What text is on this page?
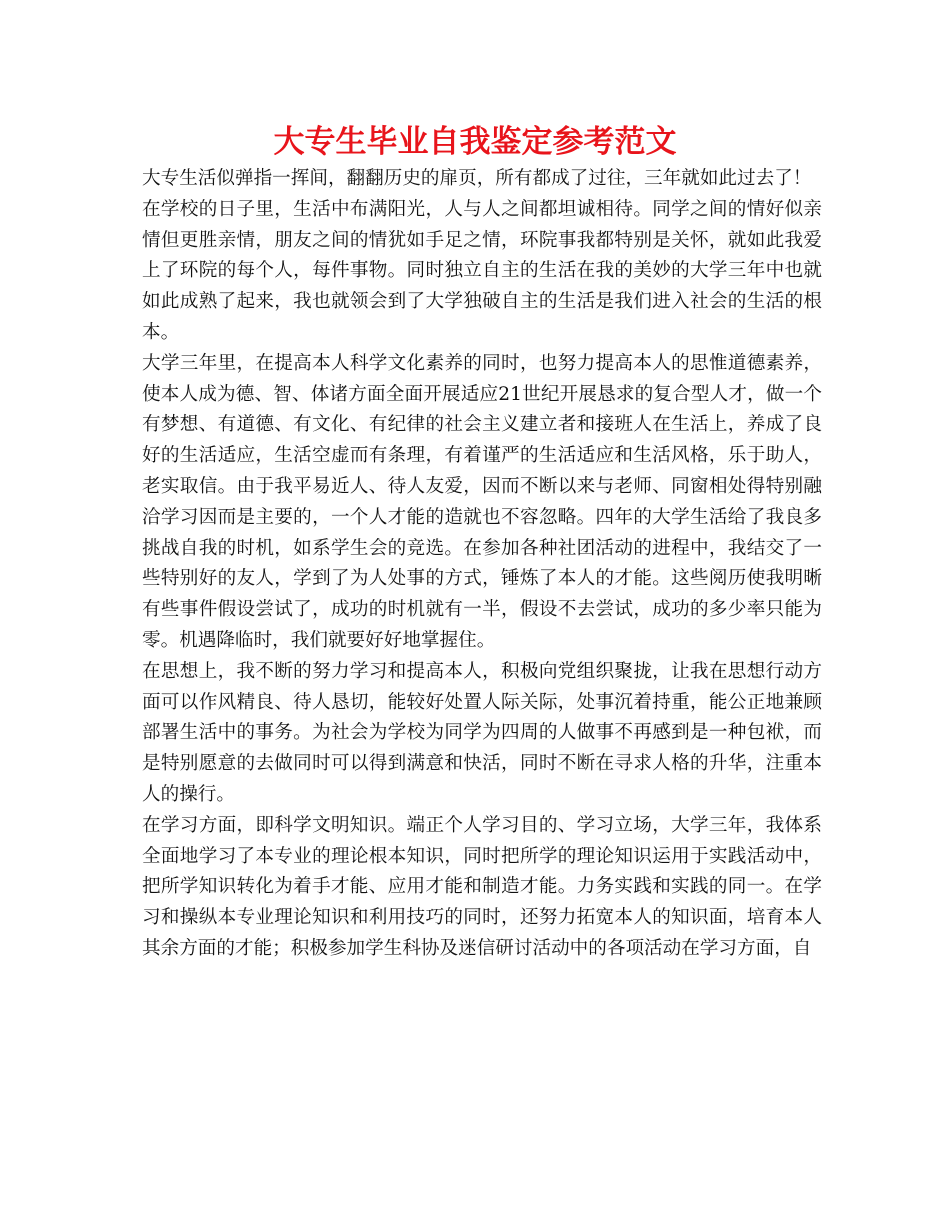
大专生毕业自我鉴定参考范文

大专生活似弹指一挥间，翻翻历史的扉页，所有都成了过往，三年就如此过去了！

在学校的日子里，生活中布满阳光，人与人之间都坦诚相待。同学之间的情好似亲情但更胜亲情，朋友之间的情犹如手足之情，环院事我都特别是关怀，就如此我爱上了环院的每个人，每件事物。同时独立自主的生活在我的美妙的大学三年中也就如此成熟了起来，我也就领会到了大学独破自主的生活是我们进入社会的生活的根本。

大学三年里，在提高本人科学文化素养的同时，也努力提高本人的思惟道德素养，使本人成为德、智、体诸方面全面开展适应21世纪开展恳求的复合型人才，做一个有梦想、有道德、有文化、有纪律的社会主义建立者和接班人在生活上，养成了良好的生活适应，生活空虚而有条理，有着谨严的生活适应和生活风格，乐于助人，老实取信。由于我平易近人、待人友爱，因而不断以来与老师、同窗相处得特别融洽学习因而是主要的，一个人才能的造就也不容忽略。四年的大学生活给了我良多挑战自我的时机，如系学生会的竞选。在参加各种社团活动的进程中，我结交了一些特别好的友人，学到了为人处事的方式，锤炼了本人的才能。这些阅历使我明晰有些事件假设尝试了，成功的时机就有一半，假设不去尝试，成功的多少率只能为零。机遇降临时，我们就要好好地掌握住。

在思想上，我不断的努力学习和提高本人，积极向党组织聚拢，让我在思想行动方面可以作风精良、待人恳切，能较好处置人际关际，处事沉着持重，能公正地兼顾部署生活中的事务。为社会为学校为同学为四周的人做事不再感到是一种包袱，而是特别愿意的去做同时可以得到满意和快活，同时不断在寻求人格的升华，注重本人的操行。

在学习方面，即科学文明知识。端正个人学习目的、学习立场，大学三年，我体系全面地学习了本专业的理论根本知识，同时把所学的理论知识运用于实践活动中，把所学知识转化为着手才能、应用才能和制造才能。力务实践和实践的同一。在学习和操纵本专业理论知识和利用技巧的同时，还努力拓宽本人的知识面，培育本人其余方面的才能；积极参加学生科协及迷信研讨活动中的各项活动在学习方面，自
